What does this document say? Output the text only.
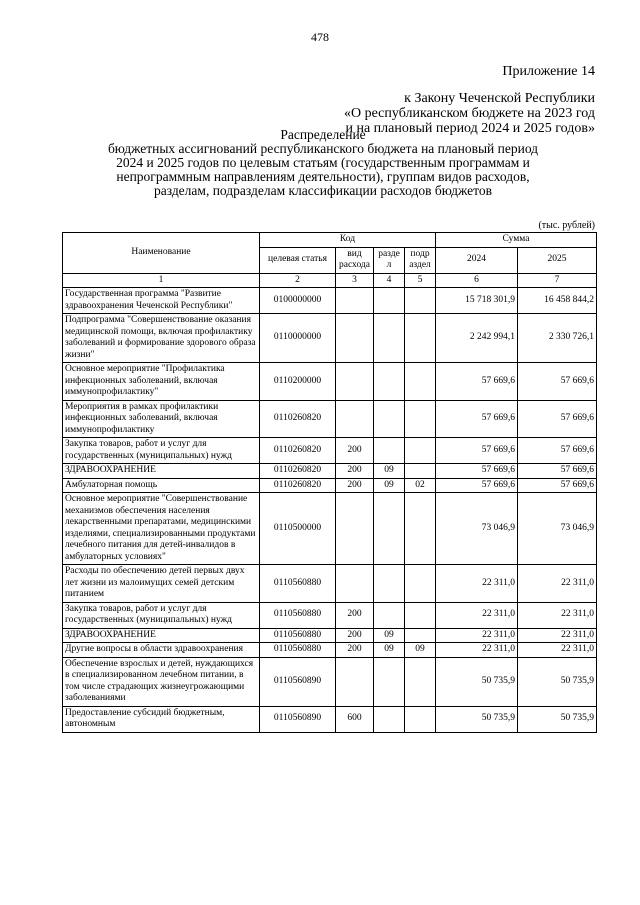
478
Приложение 14
к Закону Чеченской Республики
«О республиканском бюджете на 2023 год
и на плановый период 2024 и 2025 годов»
Распределение
бюджетных ассигнований республиканского бюджета на плановый период
2024 и 2025 годов по целевым статьям (государственным программам и
непрограммным направлениям деятельности), группам видов расходов,
разделам, подразделам классификации расходов бюджетов
(тыс. рублей)
Наименование	Код				Сумма	
	целевая статья	вид расхода	разде л	подр аздел	2024	2025
1	2	3	4	5	6	7
Государственная программа "Развитие здравоохранения Чеченской Республики"	0100000000				15 718 301,9	16 458 844,2
Подпрограмма "Совершенствование оказания медицинской помощи, включая профилактику заболеваний и формирование здорового образа жизни"	0110000000				2 242 994,1	2 330 726,1
Основное мероприятие "Профилактика инфекционных заболеваний, включая иммунопрофилактику"	0110200000				57 669,6	57 669,6
Мероприятия в рамках профилактики инфекционных заболеваний, включая иммунопрофилактику	0110260820				57 669,6	57 669,6
Закупка товаров, работ и услуг для государственных (муниципальных) нужд	0110260820	200			57 669,6	57 669,6
ЗДРАВООХРАНЕНИЕ	0110260820	200	09		57 669,6	57 669,6
Амбулаторная помощь	0110260820	200	09	02	57 669,6	57 669,6
Основное мероприятие "Совершенствование механизмов обеспечения населения лекарственными препаратами, медицинскими изделиями, специализированными продуктами лечебного питания для детей-инвалидов в амбулаторных условиях"	0110500000				73 046,9	73 046,9
Расходы по обеспечению детей первых двух лет жизни из малоимущих семей детским питанием	0110560880				22 311,0	22 311,0
Закупка товаров, работ и услуг для государственных (муниципальных) нужд	0110560880	200			22 311,0	22 311,0
ЗДРАВООХРАНЕНИЕ	0110560880	200	09		22 311,0	22 311,0
Другие вопросы в области здравоохранения	0110560880	200	09	09	22 311,0	22 311,0
Обеспечение взрослых и детей, нуждающихся в специализированном лечебном питании, в том числе страдающих жизнеугрожающими заболеваниями	0110560890				50 735,9	50 735,9
Предоставление субсидий бюджетным, автономным	0110560890	600			50 735,9	50 735,9
